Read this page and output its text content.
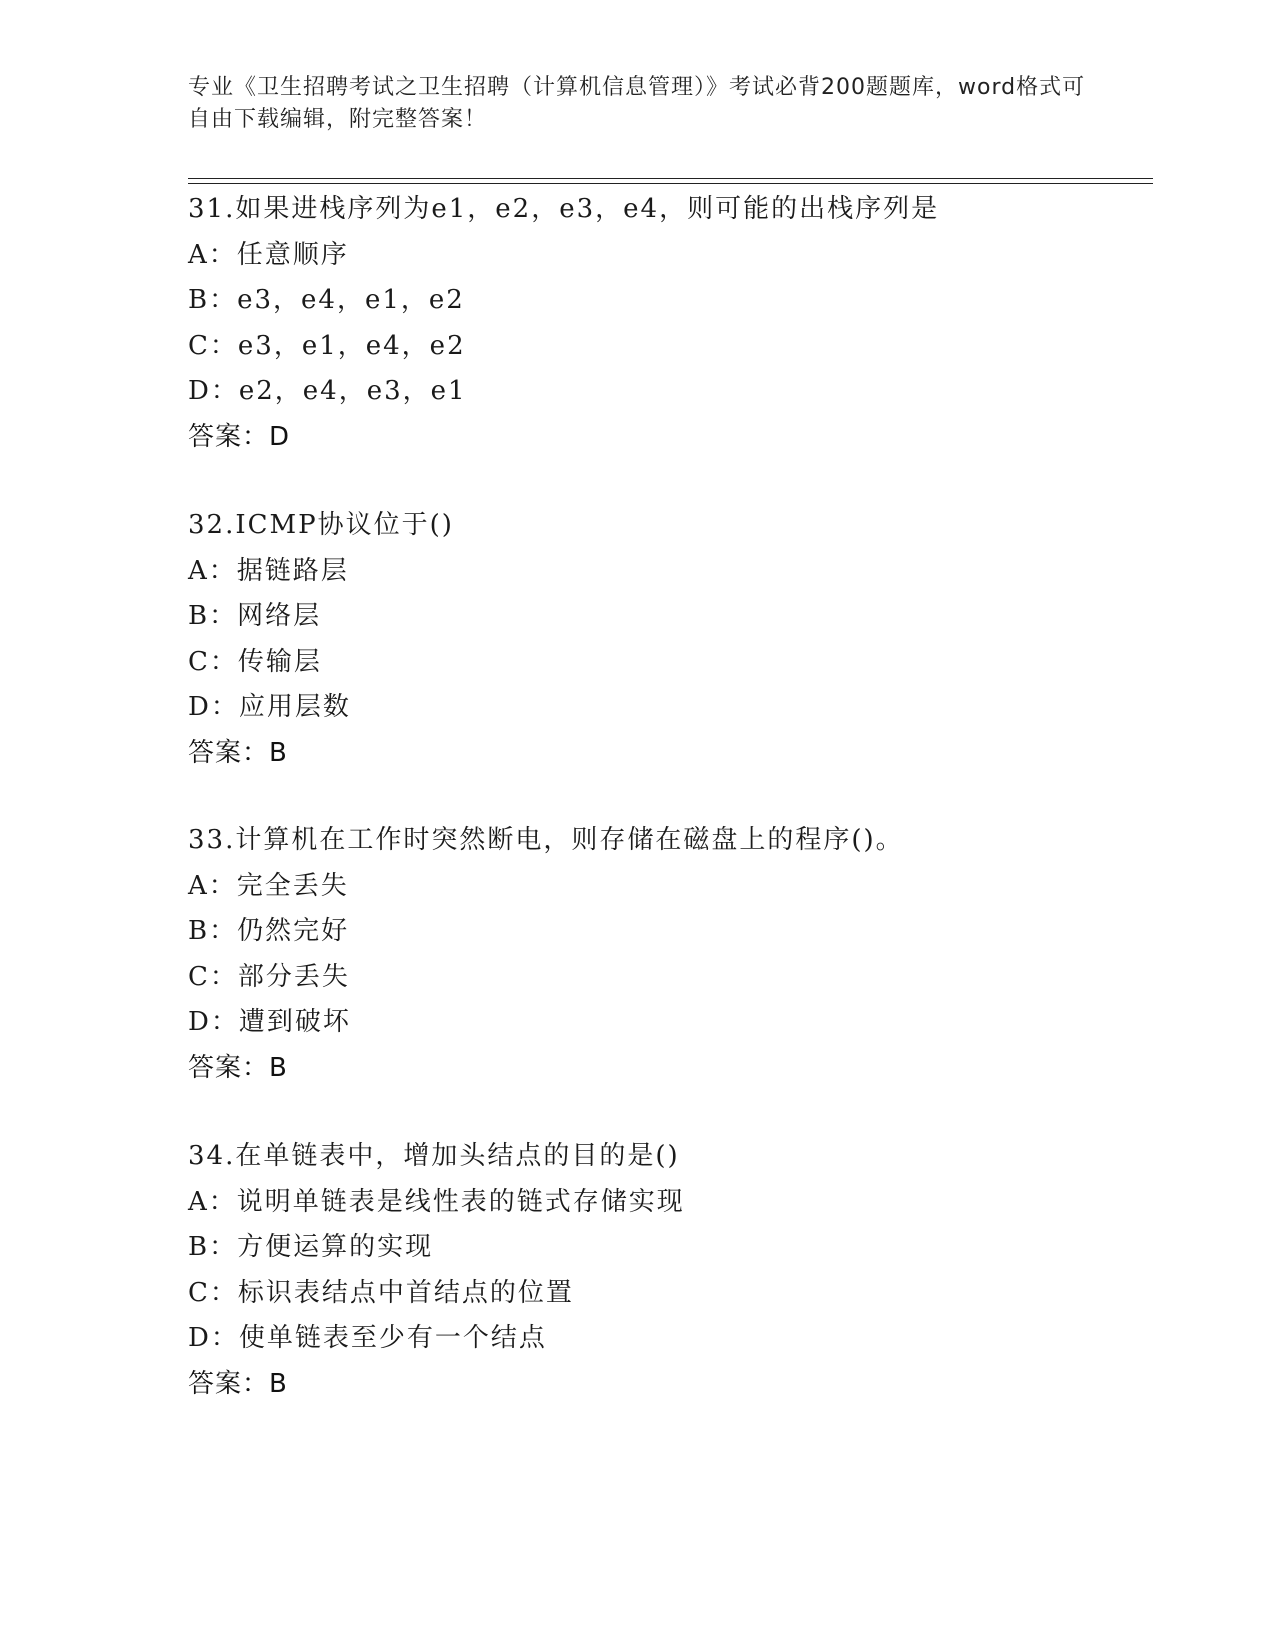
专业《卫生招聘考试之卫生招聘（计算机信息管理）》考试必背200题题库，word格式可自由下载编辑，附完整答案！
31.如果进栈序列为e1，e2，e3，e4，则可能的出栈序列是
A：任意顺序
B：e3，e4，e1，e2
C：e3，e1，e4，e2
D：e2，e4，e3，e1
答案：D
32.ICMP协议位于()
A：据链路层
B：网络层
C：传输层
D：应用层数
答案：B
33.计算机在工作时突然断电，则存储在磁盘上的程序()。
A：完全丢失
B：仍然完好
C：部分丢失
D：遭到破坏
答案：B
34.在单链表中，增加头结点的目的是()
A：说明单链表是线性表的链式存储实现
B：方便运算的实现
C：标识表结点中首结点的位置
D：使单链表至少有一个结点
答案：B
